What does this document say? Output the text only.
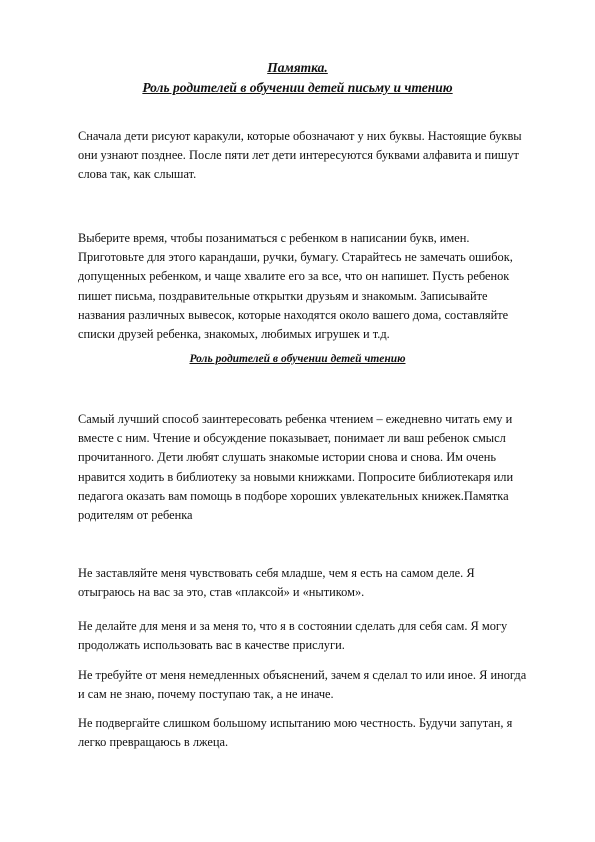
Памятка.
Роль родителей в обучении детей письму и чтению

Сначала дети рисуют каракули, которые обозначают у них буквы. Настоящие буквы
они узнают позднее. После пяти лет дети интересуются буквами алфавита и пишут
слова так, как слышат.

Выберите время, чтобы позаниматься с ребенком в написании букв, имен.
Приготовьте для этого карандаши, ручки, бумагу. Старайтесь не замечать ошибок,
допущенных ребенком, и чаще хвалите его за все, что он напишет. Пусть ребенок
пишет письма, поздравительные открытки друзьям и знакомым. Записывайте
названия различных вывесок, которые находятся около вашего дома, составляйте
списки друзей ребенка, знакомых, любимых игрушек и т.д.

Роль родителей в обучении детей чтению

Самый лучший способ заинтересовать ребенка чтением – ежедневно читать ему и
вместе с ним. Чтение и обсуждение показывает, понимает ли ваш ребенок смысл
прочитанного. Дети любят слушать знакомые истории снова и снова. Им очень
нравится ходить в библиотеку за новыми книжками. Попросите библиотекаря или
педагога оказать вам помощь в подборе хороших увлекательных книжек.Памятка
родителям от ребенка

Не заставляйте меня чувствовать себя младше, чем я есть на самом деле. Я
отыграюсь на вас за это, став «плаксой» и «нытиком».

Не делайте для меня и за меня то, что я в состоянии сделать для себя сам. Я могу
продолжать использовать вас в качестве прислуги.

Не требуйте от меня немедленных объяснений, зачем я сделал то или иное. Я иногда
и сам не знаю, почему поступаю так, а не иначе.

Не подвергайте слишком большому испытанию мою честность. Будучи запутан, я
легко превращаюсь в лжеца.
